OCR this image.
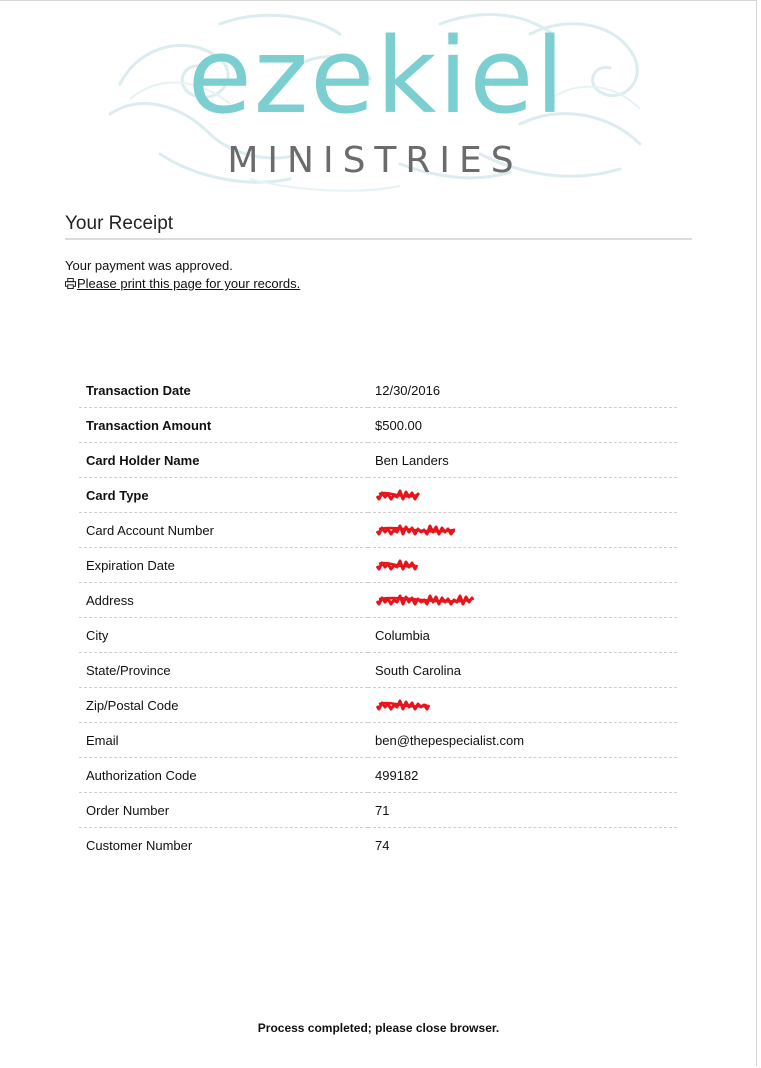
ezekiel
MINISTRIES
Your Receipt
Your payment was approved.
Please print this page for your records.
Transaction Date	12/30/2016
Transaction Amount	$500.00
Card Holder Name	Ben Landers
Card Type	
Card Account Number	
Expiration Date	
Address	
City	Columbia
State/Province	South Carolina
Zip/Postal Code	
Email	ben@thepespecialist.com
Authorization Code	499182
Order Number	71
Customer Number	74
Process completed; please close browser.
